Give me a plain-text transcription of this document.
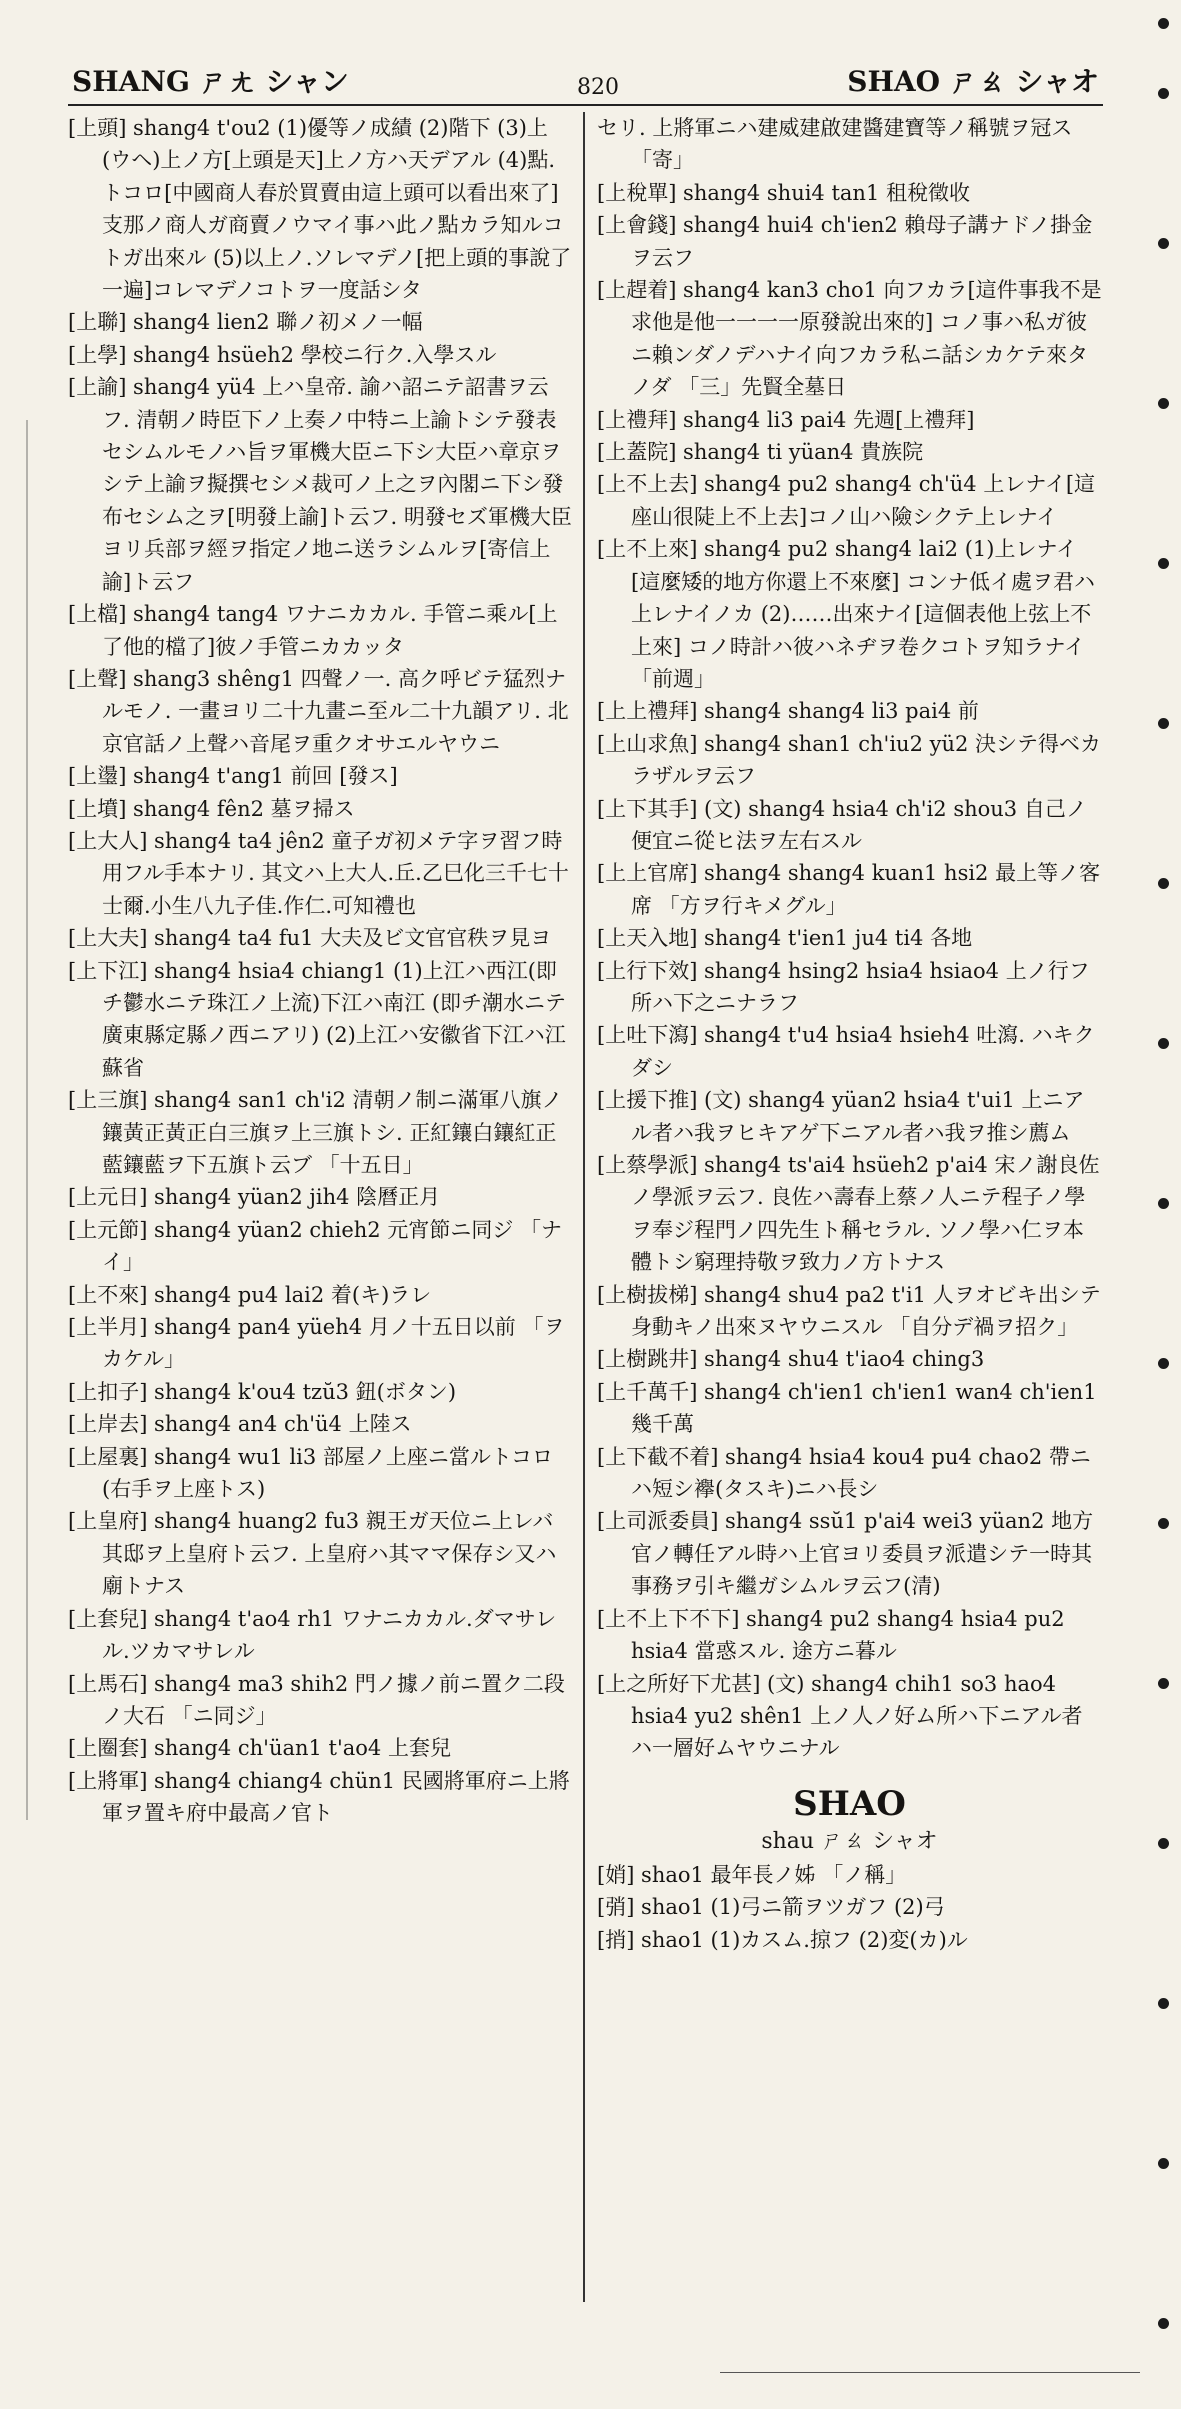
SHANG ㄕㄤ シャン	820	SHAO ㄕㄠ シャオ

[上頭] shang4 t'ou2 (1)優等ノ成績 (2)階下 (3)上(ウヘ)上ノ方[上頭是天]上ノ方ハ天デアル (4)點.トコロ[中國商人春於買賣由這上頭可以看出來了] 支那ノ商人ガ商賣ノウマイ事ハ此ノ點カラ知ルコトガ出來ル (5)以上ノ.ソレマデノ[把上頭的事說了一遍]コレマデノコトヲ一度話シタ

[上聯] shang4 lien2 聯ノ初メノ一幅

[上學] shang4 hsüeh2 學校ニ行ク.入學スル

[上諭] shang4 yü4 上ハ皇帝. 諭ハ詔ニテ詔書ヲ云フ. 清朝ノ時臣下ノ上奏ノ中特ニ上諭トシテ發表セシムルモノハ旨ヲ軍機大臣ニ下シ大臣ハ章京ヲシテ上諭ヲ擬撰セシメ裁可ノ上之ヲ內閣ニ下シ發布セシム之ヲ[明發上諭]ト云フ. 明發セズ軍機大臣ヨリ兵部ヲ經ヲ指定ノ地ニ送ラシムルヲ[寄信上諭]ト云フ

[上檔] shang4 tang4 ワナニカカル. 手管ニ乘ル[上了他的檔了]彼ノ手管ニカカッタ

[上聲] shang3 shêng1 四聲ノ一. 高ク呼ビテ猛烈ナルモノ. 一畫ヨリ二十九畫ニ至ル二十九韻アリ. 北京官話ノ上聲ハ音尾ヲ重クオサエルヤウニ

[上璗] shang4 t'ang1 前回 [發ス]

[上墳] shang4 fên2 墓ヲ掃ス

[上大人] shang4 ta4 jên2 童子ガ初メテ字ヲ習フ時用フル手本ナリ. 其文ハ上大人.丘.乙巳化三千七十士爾.小生八九子佳.作仁.可知禮也

[上大夫] shang4 ta4 fu1 大夫及ビ文官官秩ヲ見ヨ

[上下江] shang4 hsia4 chiang1 (1)上江ハ西江(即チ鬱水ニテ珠江ノ上流)下江ハ南江 (即チ潮水ニテ廣東縣定縣ノ西ニアリ) (2)上江ハ安徽省下江ハ江蘇省

[上三旗] shang4 san1 ch'i2 清朝ノ制ニ滿軍八旗ノ鑲黃正黃正白三旗ヲ上三旗トシ. 正紅鑲白鑲紅正藍鑲藍ヲ下五旗ト云ブ 「十五日」

[上元日] shang4 yüan2 jih4 陰曆正月

[上元節] shang4 yüan2 chieh2 元宵節ニ同ジ 「ナイ」

[上不來] shang4 pu4 lai2 着(キ)ラレ

[上半月] shang4 pan4 yüeh4 月ノ十五日以前 「ヲカケル」

[上扣子] shang4 k'ou4 tzŭ3 鈕(ボタン)

[上岸去] shang4 an4 ch'ü4 上陸ス

[上屋裏] shang4 wu1 li3 部屋ノ上座ニ當ルトコロ(右手ヲ上座トス)

[上皇府] shang4 huang2 fu3 親王ガ天位ニ上レバ其邸ヲ上皇府ト云フ. 上皇府ハ其ママ保存シ又ハ廟トナス

[上套兒] shang4 t'ao4 rh1 ワナニカカル.ダマサレル.ツカマサレル

[上馬石] shang4 ma3 shih2 門ノ據ノ前ニ置ク二段ノ大石 「ニ同ジ」

[上圈套] shang4 ch'üan1 t'ao4 上套兒

[上將軍] shang4 chiang4 chün1 民國將軍府ニ上將軍ヲ置キ府中最高ノ官ト

セリ. 上將軍ニハ建威建啟建醬建寶等ノ稱號ヲ冠ス 「寄」

[上稅單] shang4 shui4 tan1 租稅徵收

[上會錢] shang4 hui4 ch'ien2 賴母子講ナドノ掛金ヲ云フ

[上趕着] shang4 kan3 cho1 向フカラ[這件事我不是求他是他一一一一原發說出來的] コノ事ハ私ガ彼ニ賴ンダノデハナイ向フカラ私ニ話シカケテ來タノダ 「三」先賢全墓日

[上禮拜] shang4 li3 pai4 先週[上禮拜]

[上蓋院] shang4 ti yüan4 貴族院

[上不上去] shang4 pu2 shang4 ch'ü4 上レナイ[這座山很陡上不上去]コノ山ハ險シクテ上レナイ

[上不上來] shang4 pu2 shang4 lai2 (1)上レナイ [這麼矮的地方你還上不來麼] コンナ低イ處ヲ君ハ上レナイノカ (2)……出來ナイ[這個表他上弦上不上來] コノ時計ハ彼ハネヂヲ卷クコトヲ知ラナイ 「前週」

[上上禮拜] shang4 shang4 li3 pai4 前

[上山求魚] shang4 shan1 ch'iu2 yü2 決シテ得ベカラザルヲ云フ

[上下其手] (文) shang4 hsia4 ch'i2 shou3 自己ノ便宜ニ從ヒ法ヲ左右スル

[上上官席] shang4 shang4 kuan1 hsi2 最上等ノ客席 「方ヲ行キメグル」

[上天入地] shang4 t'ien1 ju4 ti4 各地

[上行下效] shang4 hsing2 hsia4 hsiao4 上ノ行フ所ハ下之ニナラフ

[上吐下瀉] shang4 t'u4 hsia4 hsieh4 吐瀉. ハキクダシ

[上援下推] (文) shang4 yüan2 hsia4 t'ui1 上ニアル者ハ我ヲヒキアゲ下ニアル者ハ我ヲ推シ薦ム

[上蔡學派] shang4 ts'ai4 hsüeh2 p'ai4 宋ノ謝良佐ノ學派ヲ云フ. 良佐ハ壽春上蔡ノ人ニテ程子ノ學ヲ奉ジ程門ノ四先生ト稱セラル. ソノ學ハ仁ヲ本體トシ窮理持敬ヲ致力ノ方トナス

[上樹拔梯] shang4 shu4 pa2 t'i1 人ヲオビキ出シテ身動キノ出來ヌヤウニスル 「自分デ禍ヲ招ク」

[上樹跳井] shang4 shu4 t'iao4 ching3

[上千萬千] shang4 ch'ien1 ch'ien1 wan4 ch'ien1 幾千萬

[上下截不着] shang4 hsia4 kou4 pu4 chao2 帶ニハ短シ襷(タスキ)ニハ長シ

[上司派委員] shang4 ssŭ1 p'ai4 wei3 yüan2 地方官ノ轉任アル時ハ上官ヨリ委員ヲ派遣シテ一時其事務ヲ引キ繼ガシムルヲ云フ(清)

[上不上下不下] shang4 pu2 shang4 hsia4 pu2 hsia4 當惑スル. 途方ニ暮ル

[上之所好下尤甚] (文) shang4 chih1 so3 hao4 hsia4 yu2 shên1 上ノ人ノ好ム所ハ下ニアル者ハ一層好ムヤウニナル

SHAO
shau ㄕㄠ シャオ

[娋] shao1 最年長ノ姊 「ノ稱」

[弰] shao1 (1)弓ニ箭ヲツガフ (2)弓

[捎] shao1 (1)カスム.掠フ (2)変(カ)ル
